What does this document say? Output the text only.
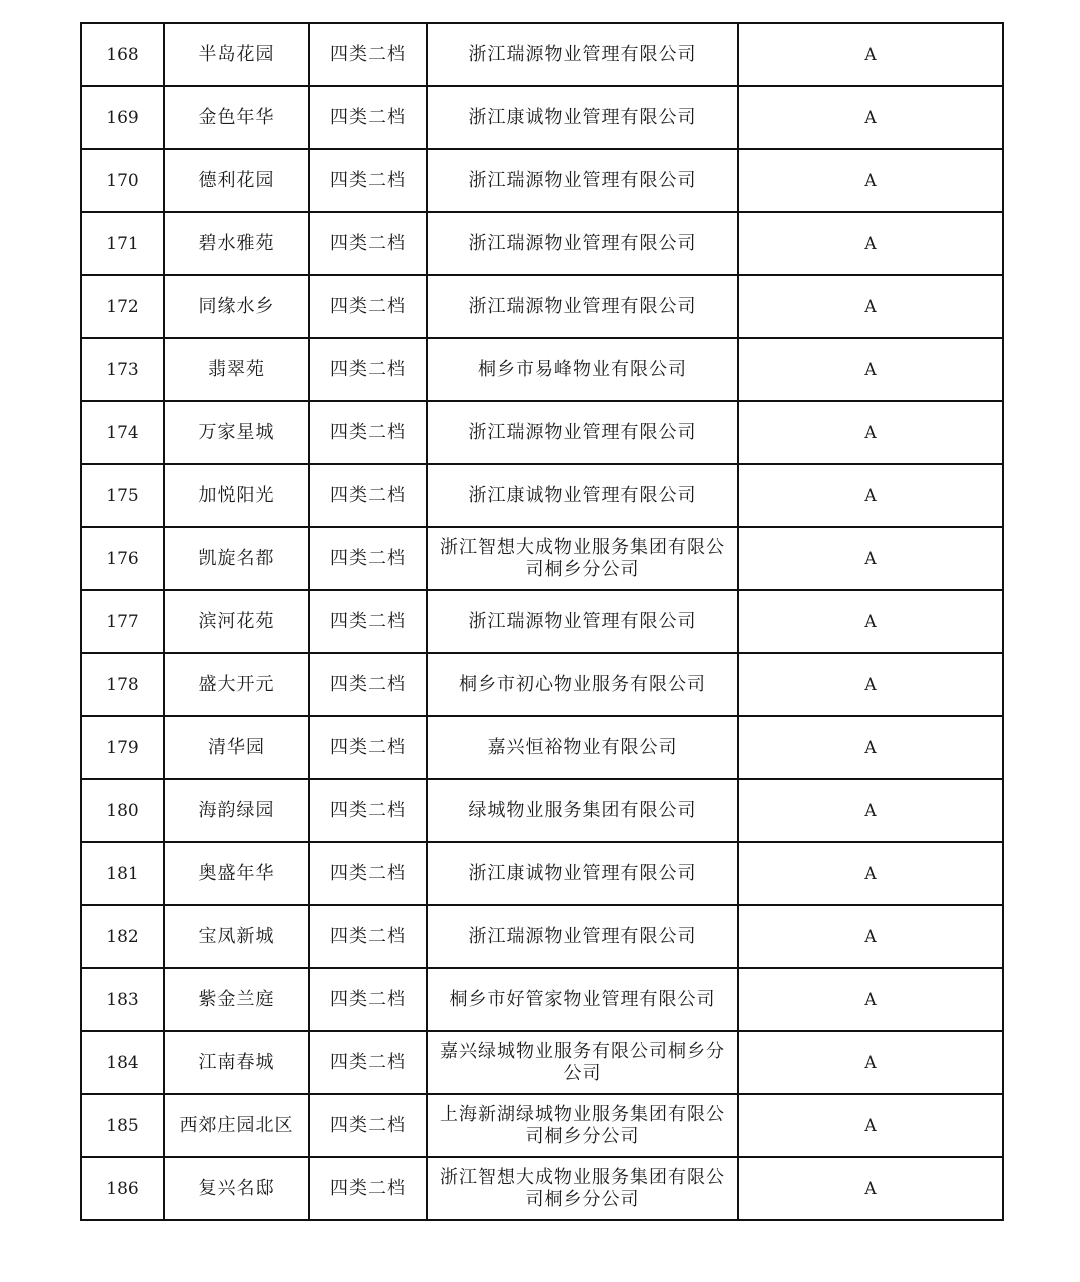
168	半岛花园	四类二档	浙江瑞源物业管理有限公司	A
169	金色年华	四类二档	浙江康诚物业管理有限公司	A
170	德利花园	四类二档	浙江瑞源物业管理有限公司	A
171	碧水雅苑	四类二档	浙江瑞源物业管理有限公司	A
172	同缘水乡	四类二档	浙江瑞源物业管理有限公司	A
173	翡翠苑	四类二档	桐乡市易峰物业有限公司	A
174	万家星城	四类二档	浙江瑞源物业管理有限公司	A
175	加悦阳光	四类二档	浙江康诚物业管理有限公司	A
176	凯旋名都	四类二档	浙江智想大成物业服务集团有限公司桐乡分公司	A
177	滨河花苑	四类二档	浙江瑞源物业管理有限公司	A
178	盛大开元	四类二档	桐乡市初心物业服务有限公司	A
179	清华园	四类二档	嘉兴恒裕物业有限公司	A
180	海韵绿园	四类二档	绿城物业服务集团有限公司	A
181	奥盛年华	四类二档	浙江康诚物业管理有限公司	A
182	宝凤新城	四类二档	浙江瑞源物业管理有限公司	A
183	紫金兰庭	四类二档	桐乡市好管家物业管理有限公司	A
184	江南春城	四类二档	嘉兴绿城物业服务有限公司桐乡分公司	A
185	西郊庄园北区	四类二档	上海新湖绿城物业服务集团有限公司桐乡分公司	A
186	复兴名邸	四类二档	浙江智想大成物业服务集团有限公司桐乡分公司	A
